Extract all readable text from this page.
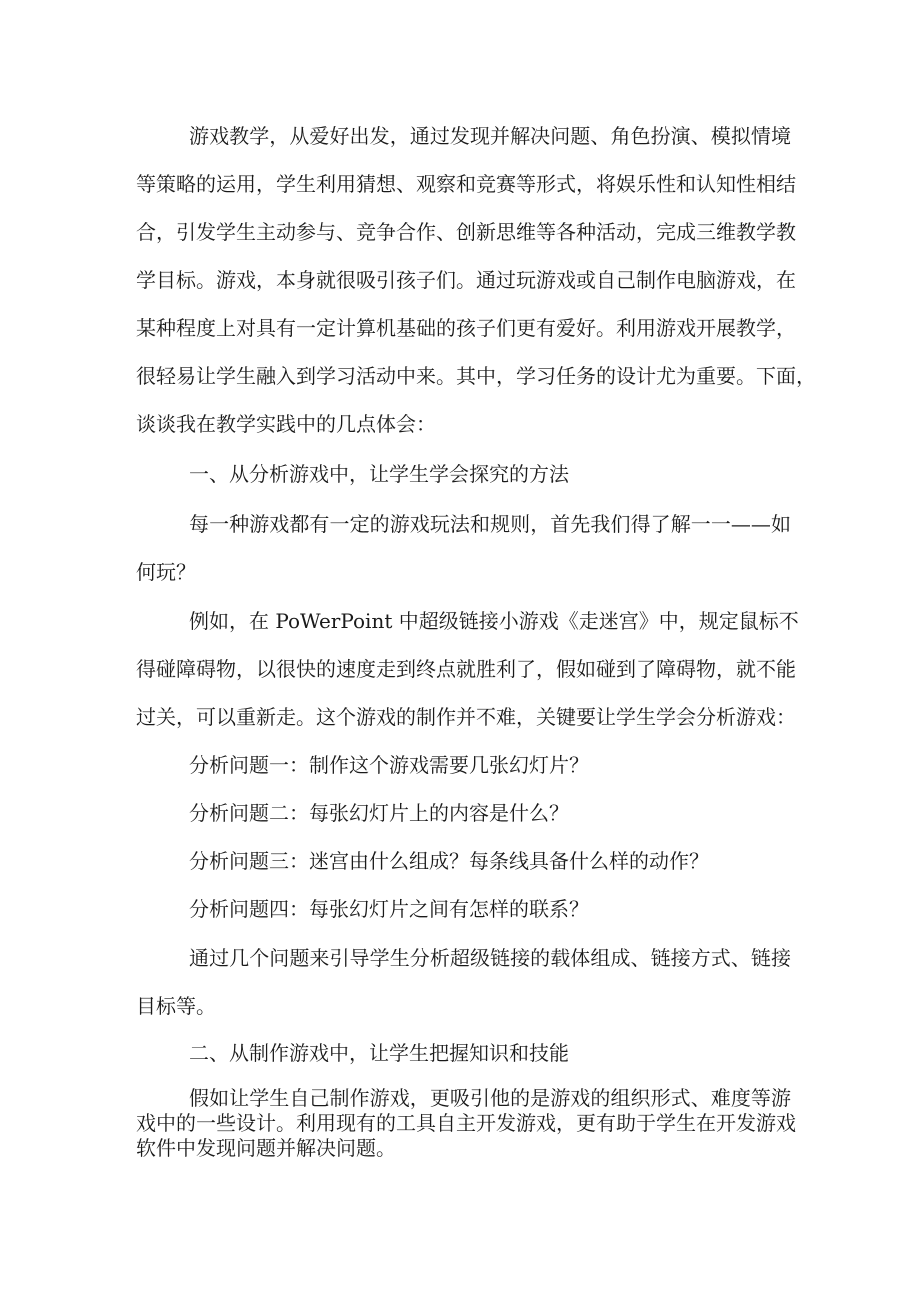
游戏教学，从爱好出发，通过发现并解决问题、角色扮演、模拟情境
等策略的运用，学生利用猜想、观察和竞赛等形式，将娱乐性和认知性相结
合，引发学生主动参与、竞争合作、创新思维等各种活动，完成三维教学教
学目标。游戏，本身就很吸引孩子们。通过玩游戏或自己制作电脑游戏，在
某种程度上对具有一定计算机基础的孩子们更有爱好。利用游戏开展教学，
很轻易让学生融入到学习活动中来。其中，学习任务的设计尤为重要。下面，
谈谈我在教学实践中的几点体会：
一、从分析游戏中，让学生学会探究的方法
每一种游戏都有一定的游戏玩法和规则，首先我们得了解一一——如
何玩？
例如，在 PoWerPoint 中超级链接小游戏《走迷宫》中，规定鼠标不
得碰障碍物，以很快的速度走到终点就胜利了，假如碰到了障碍物，就不能
过关，可以重新走。这个游戏的制作并不难，关键要让学生学会分析游戏：
分析问题一：制作这个游戏需要几张幻灯片？
分析问题二：每张幻灯片上的内容是什么？
分析问题三：迷宫由什么组成？每条线具备什么样的动作？
分析问题四：每张幻灯片之间有怎样的联系？
通过几个问题来引导学生分析超级链接的载体组成、链接方式、链接
目标等。
二、从制作游戏中，让学生把握知识和技能
假如让学生自己制作游戏，更吸引他的是游戏的组织形式、难度等游
戏中的一些设计。利用现有的工具自主开发游戏，更有助于学生在开发游戏
软件中发现问题并解决问题。
